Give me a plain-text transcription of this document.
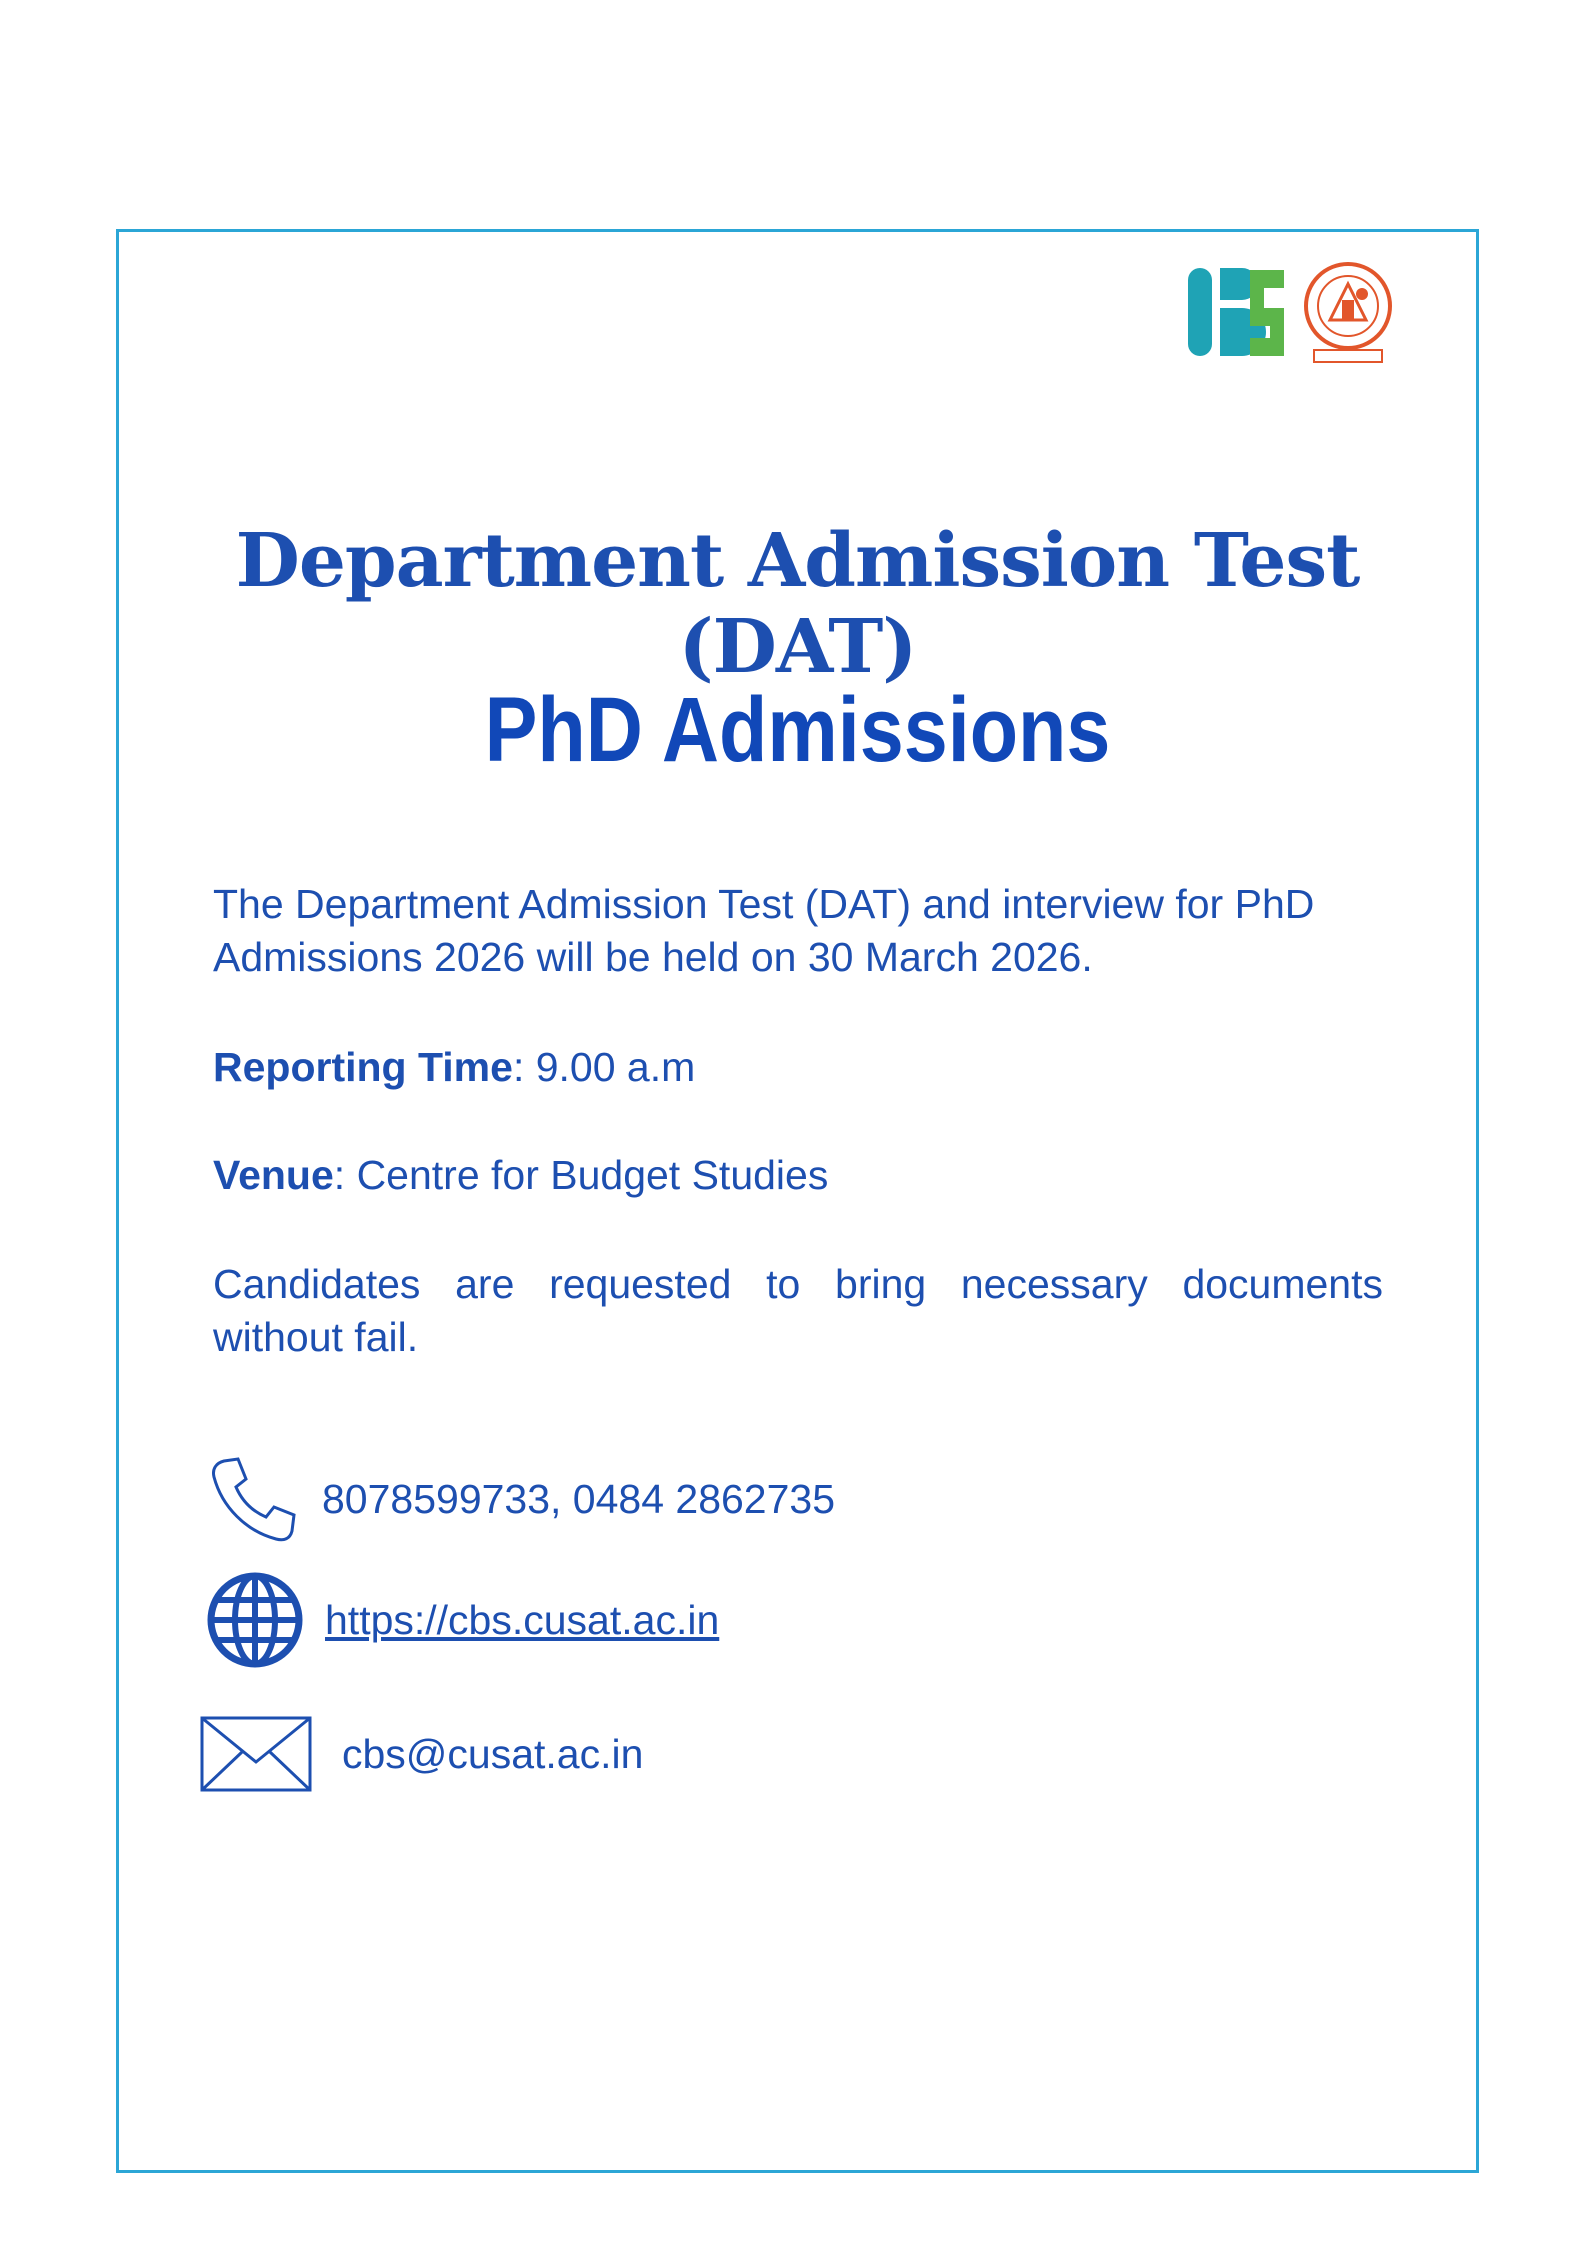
Department Admission Test (DAT)
PhD Admissions

The Department Admission Test (DAT) and interview for PhD Admissions 2026 will be held on 30 March 2026.

Reporting Time: 9.00 a.m

Venue: Centre for Budget Studies

Candidates are requested to bring necessary documents without fail.

8078599733, 0484 2862735
https://cbs.cusat.ac.in
cbs@cusat.ac.in
